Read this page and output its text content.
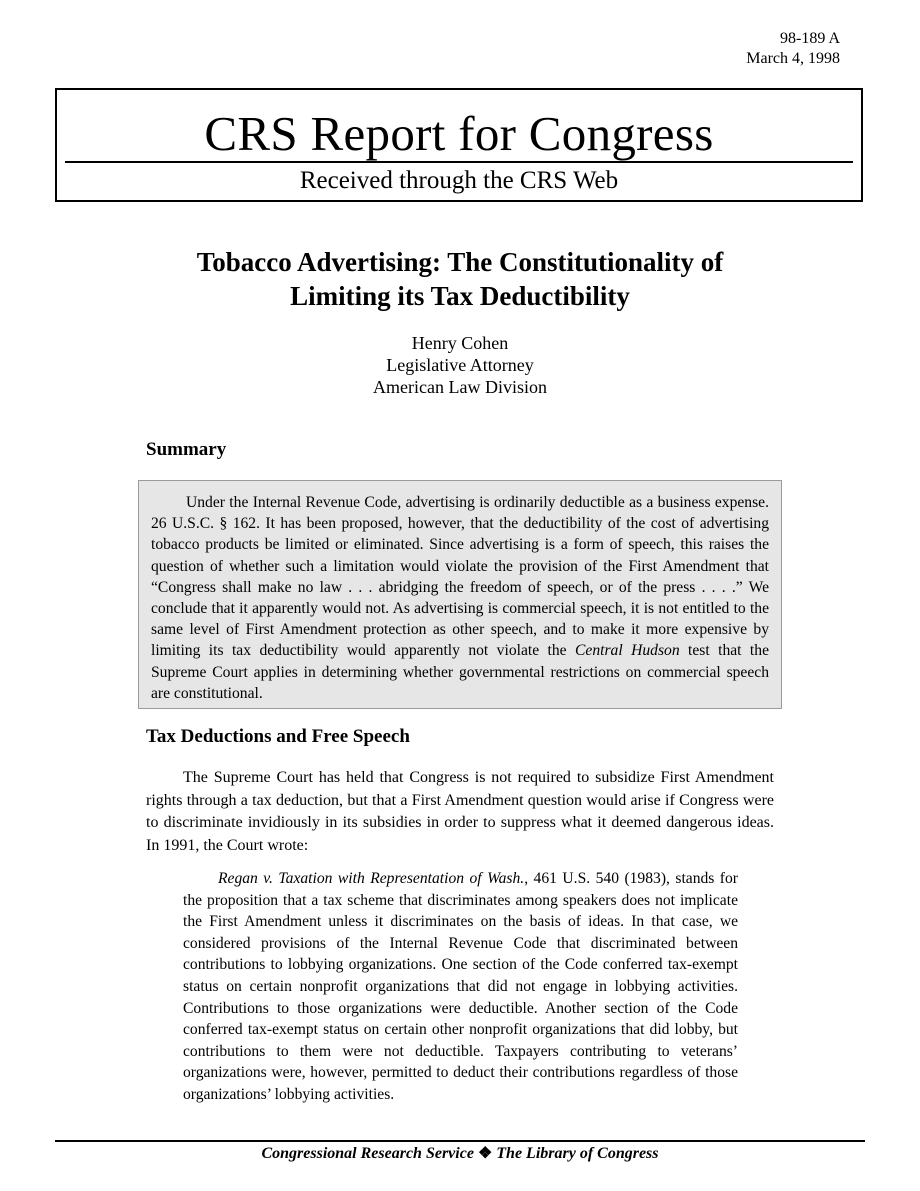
98-189 A
March 4, 1998
CRS Report for Congress
Received through the CRS Web
Tobacco Advertising: The Constitutionality of
Limiting its Tax Deductibility
Henry Cohen
Legislative Attorney
American Law Division
Summary

Under the Internal Revenue Code, advertising is ordinarily deductible as a business expense. 26 U.S.C. § 162. It has been proposed, however, that the deductibility of the cost of advertising tobacco products be limited or eliminated. Since advertising is a form of speech, this raises the question of whether such a limitation would violate the provision of the First Amendment that “Congress shall make no law . . . abridging the freedom of speech, or of the press . . . .” We conclude that it apparently would not. As advertising is commercial speech, it is not entitled to the same level of First Amendment protection as other speech, and to make it more expensive by limiting its tax deductibility would apparently not violate the Central Hudson test that the Supreme Court applies in determining whether governmental restrictions on commercial speech are constitutional.

Tax Deductions and Free Speech

The Supreme Court has held that Congress is not required to subsidize First Amendment rights through a tax deduction, but that a First Amendment question would arise if Congress were to discriminate invidiously in its subsidies in order to suppress what it deemed dangerous ideas. In 1991, the Court wrote:

Regan v. Taxation with Representation of Wash., 461 U.S. 540 (1983), stands for the proposition that a tax scheme that discriminates among speakers does not implicate the First Amendment unless it discriminates on the basis of ideas. In that case, we considered provisions of the Internal Revenue Code that discriminated between contributions to lobbying organizations. One section of the Code conferred tax-exempt status on certain nonprofit organizations that did not engage in lobbying activities. Contributions to those organizations were deductible. Another section of the Code conferred tax-exempt status on certain other nonprofit organizations that did lobby, but contributions to them were not deductible. Taxpayers contributing to veterans’ organizations were, however, permitted to deduct their contributions regardless of those organizations’ lobbying activities.

Congressional Research Service ❖ The Library of Congress
